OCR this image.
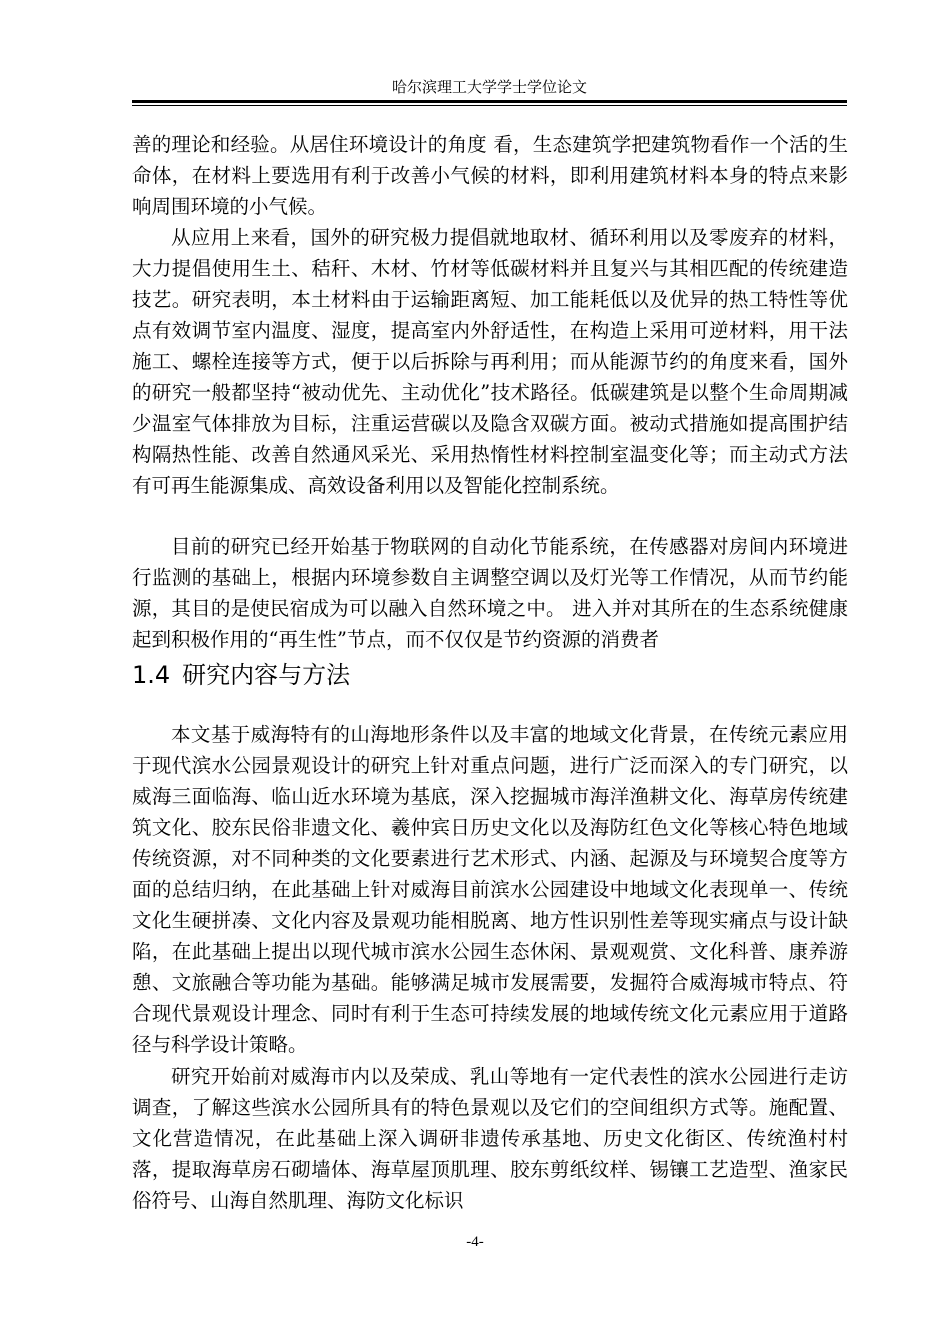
哈尔滨理工大学学士学位论文

善的理论和经验。从居住环境设计的角度 看，生态建筑学把建筑物看作一个活的生命体，在材料上要选用有利于改善小气候的材料，即利用建筑材料本身的特点来影响周围环境的小气候。

从应用上来看，国外的研究极力提倡就地取材、循环利用以及零废弃的材料，大力提倡使用生土、秸秆、木材、竹材等低碳材料并且复兴与其相匹配的传统建造技艺。研究表明，本土材料由于运输距离短、加工能耗低以及优异的热工特性等优点有效调节室内温度、湿度，提高室内外舒适性，在构造上采用可逆材料，用干法施工、螺栓连接等方式，便于以后拆除与再利用；而从能源节约的角度来看，国外的研究一般都坚持“被动优先、主动优化”技术路径。低碳建筑是以整个生命周期减少温室气体排放为目标，注重运营碳以及隐含双碳方面。被动式措施如提高围护结构隔热性能、改善自然通风采光、采用热惰性材料控制室温变化等；而主动式方法有可再生能源集成、高效设备利用以及智能化控制系统。

目前的研究已经开始基于物联网的自动化节能系统，在传感器对房间内环境进行监测的基础上，根据内环境参数自主调整空调以及灯光等工作情况，从而节约能源，其目的是使民宿成为可以融入自然环境之中。 进入并对其所在的生态系统健康起到积极作用的“再生性”节点，而不仅仅是节约资源的消费者

1.4 研究内容与方法

本文基于威海特有的山海地形条件以及丰富的地域文化背景，在传统元素应用于现代滨水公园景观设计的研究上针对重点问题，进行广泛而深入的专门研究，以威海三面临海、临山近水环境为基底，深入挖掘城市海洋渔耕文化、海草房传统建筑文化、胶东民俗非遗文化、羲仲宾日历史文化以及海防红色文化等核心特色地域传统资源，对不同种类的文化要素进行艺术形式、内涵、起源及与环境契合度等方面的总结归纳，在此基础上针对威海目前滨水公园建设中地域文化表现单一、传统文化生硬拼凑、文化内容及景观功能相脱离、地方性识别性差等现实痛点与设计缺陷，在此基础上提出以现代城市滨水公园生态休闲、景观观赏、文化科普、康养游憩、文旅融合等功能为基础。能够满足城市发展需要，发掘符合威海城市特点、符合现代景观设计理念、同时有利于生态可持续发展的地域传统文化元素应用于道路径与科学设计策略。

研究开始前对威海市内以及荣成、乳山等地有一定代表性的滨水公园进行走访调查，了解这些滨水公园所具有的特色景观以及它们的空间组织方式等。施配置、文化营造情况，在此基础上深入调研非遗传承基地、历史文化街区、传统渔村村落，提取海草房石砌墙体、海草屋顶肌理、胶东剪纸纹样、锡镶工艺造型、渔家民俗符号、山海自然肌理、海防文化标识

-4-
